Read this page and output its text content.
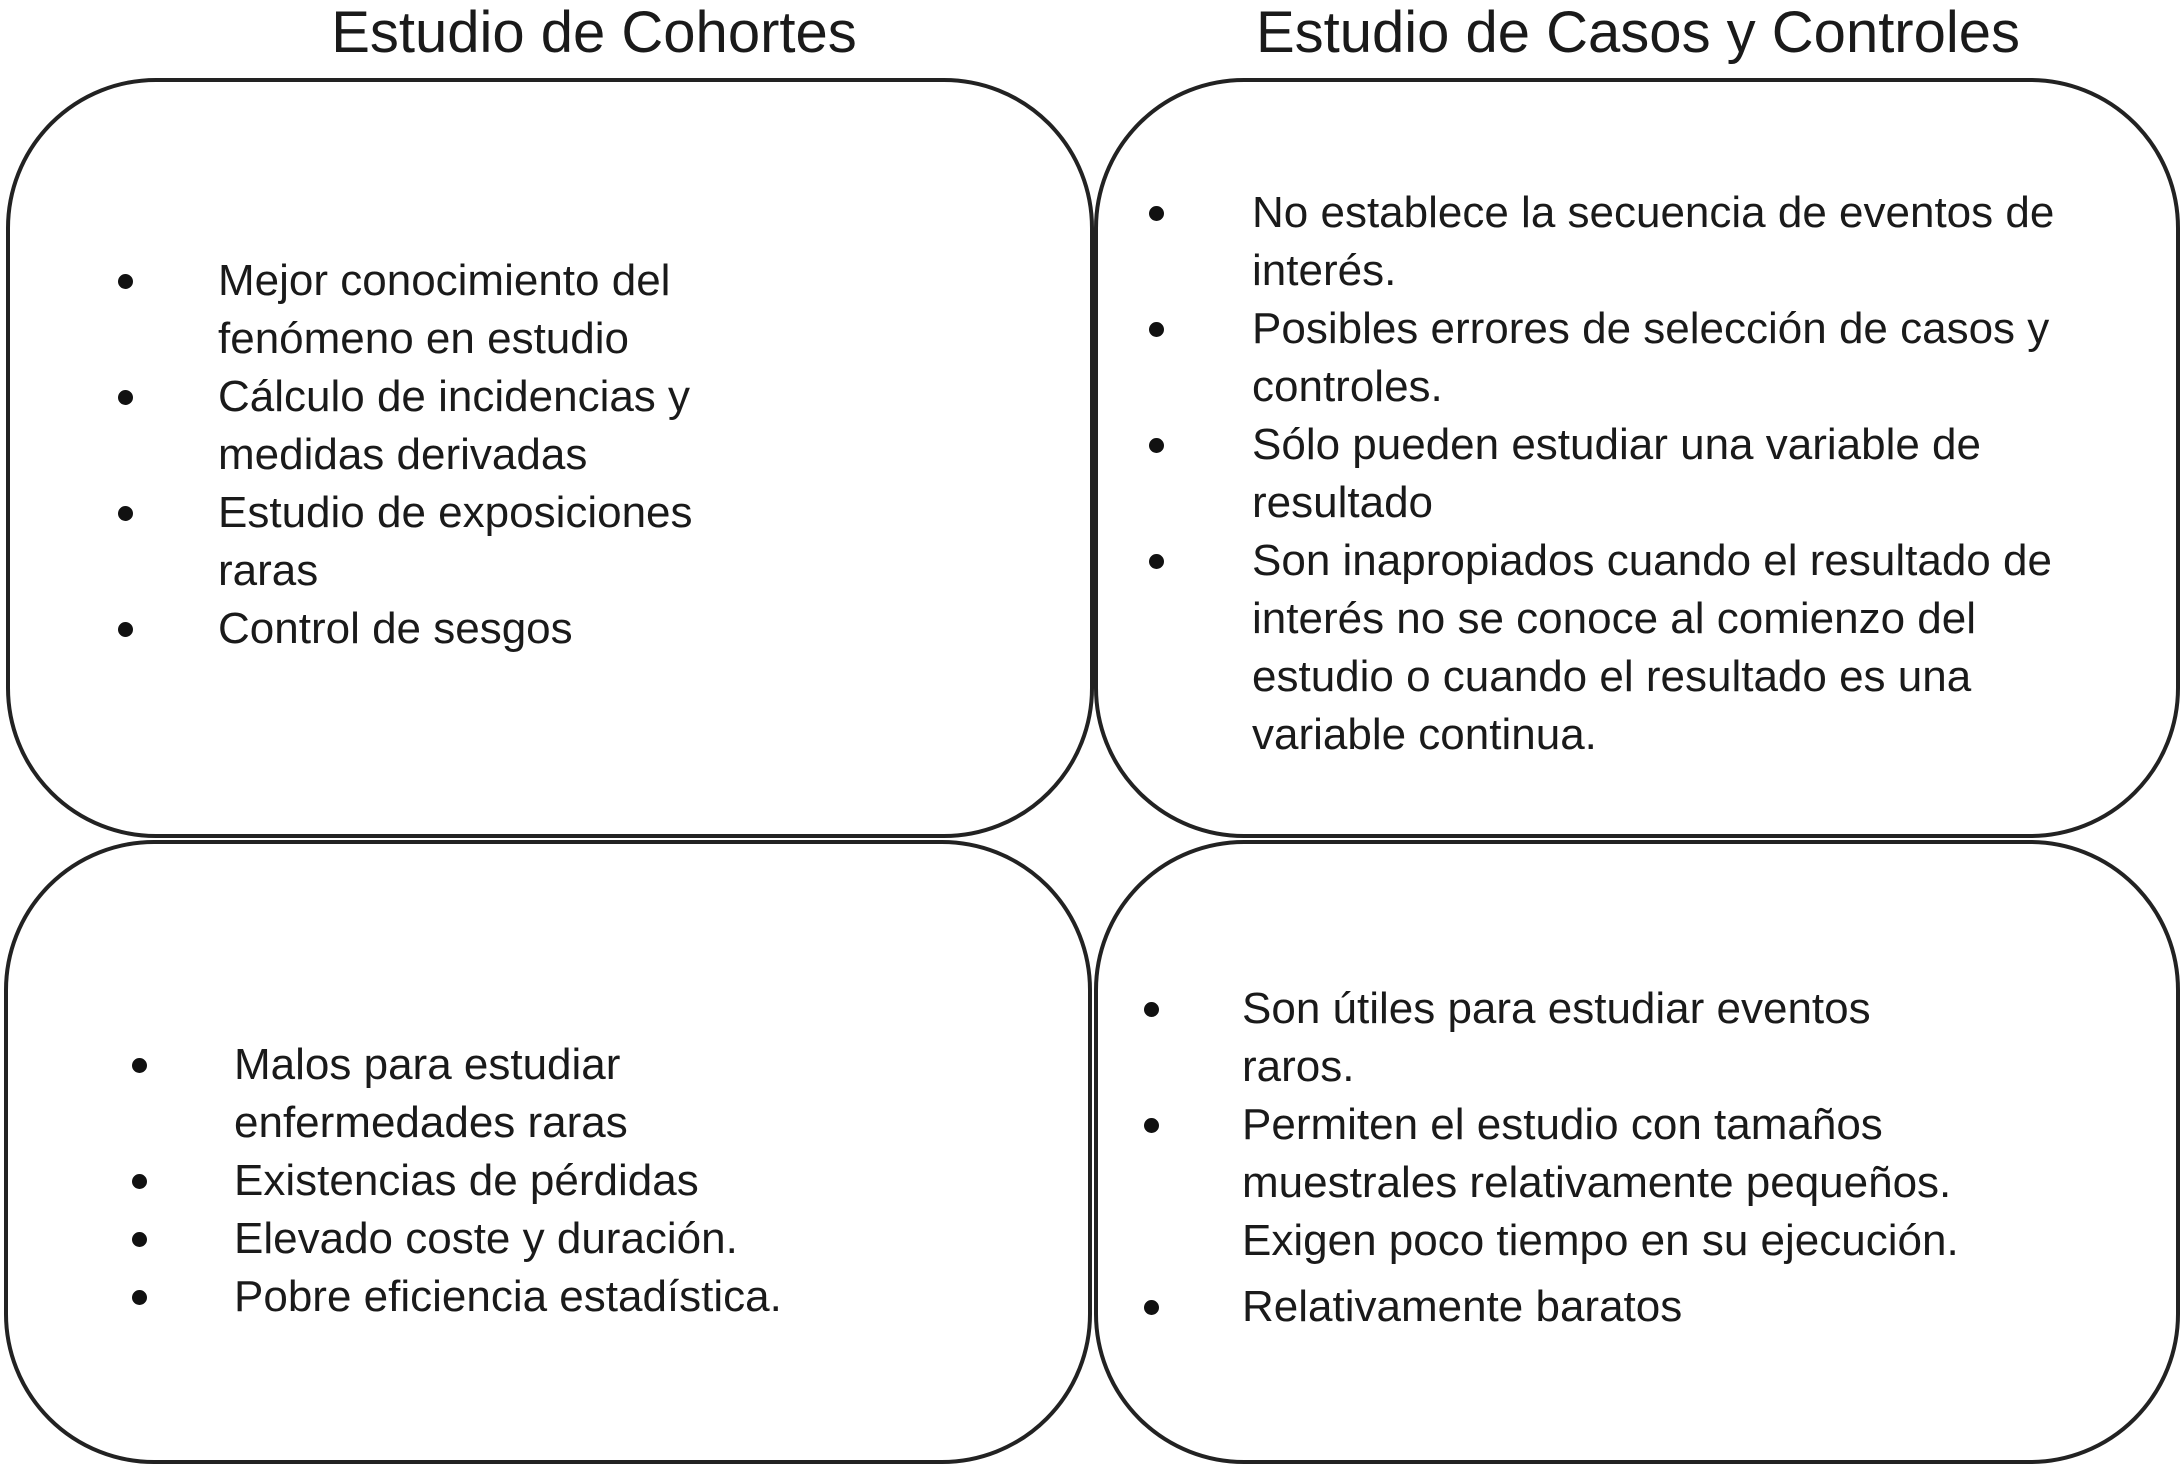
Estudio de Cohortes	Estudio de Casos y Controles
Mejor conocimiento del
fenómeno en estudio
Cálculo de incidencias y
medidas derivadas
Estudio de exposiciones
raras
Control de sesgos
No establece la secuencia de eventos de
interés.
Posibles errores de selección de casos y
controles.
Sólo pueden estudiar una variable de
resultado
Son inapropiados cuando el resultado de
interés no se conoce al comienzo del
estudio o cuando el resultado es una
variable continua.
Malos para estudiar
enfermedades raras
Existencias de pérdidas
Elevado coste y duración.
Pobre eficiencia estadística.
Son útiles para estudiar eventos
raros.
Permiten el estudio con tamaños
muestrales relativamente pequeños.
Exigen poco tiempo en su ejecución.
Relativamente baratos
